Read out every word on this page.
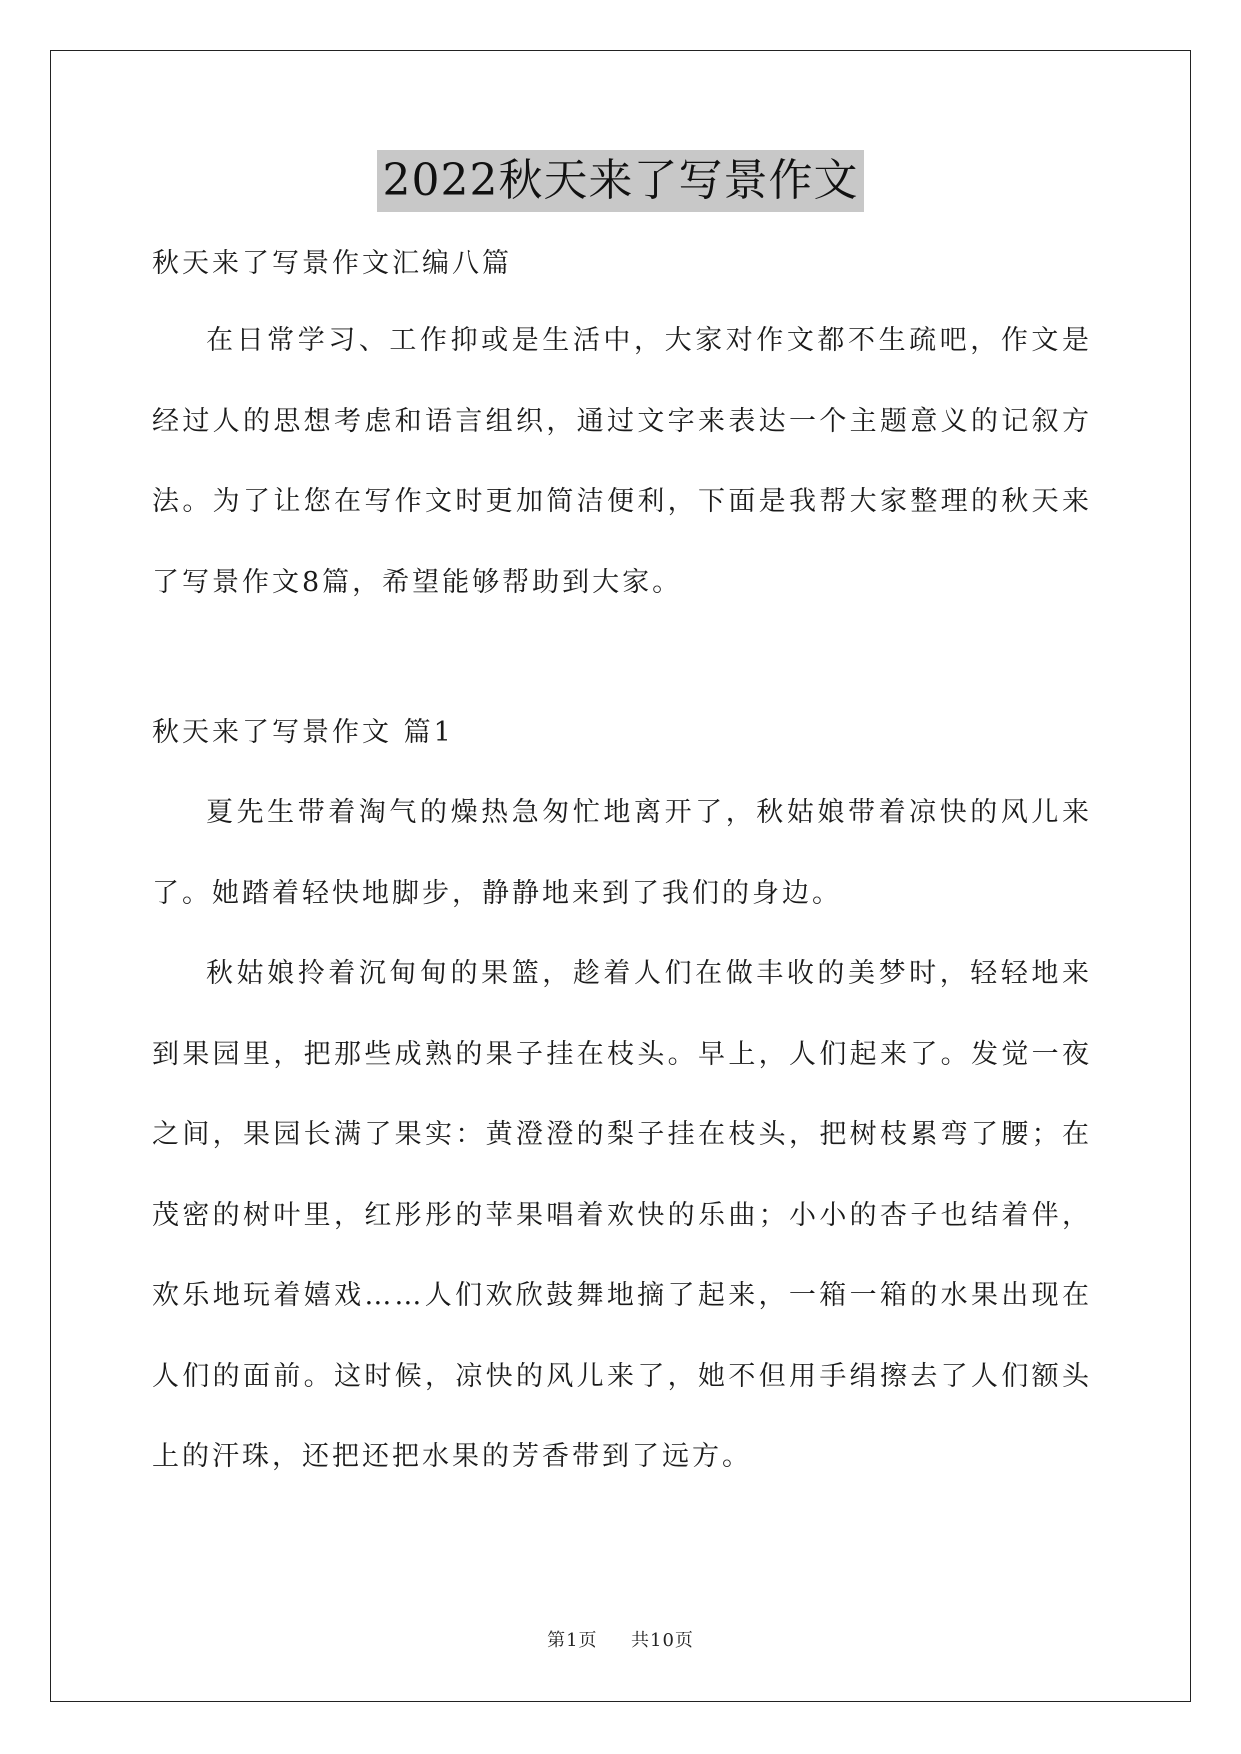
2022秋天来了写景作文

秋天来了写景作文汇编八篇

在日常学习、工作抑或是生活中，大家对作文都不生疏吧，作文是经过人的思想考虑和语言组织，通过文字来表达一个主题意义的记叙方法。为了让您在写作文时更加简洁便利，下面是我帮大家整理的秋天来了写景作文8篇，希望能够帮助到大家。

秋天来了写景作文 篇1

夏先生带着淘气的燥热急匆忙地离开了，秋姑娘带着凉快的风儿来了。她踏着轻快地脚步，静静地来到了我们的身边。

秋姑娘拎着沉甸甸的果篮，趁着人们在做丰收的美梦时，轻轻地来到果园里，把那些成熟的果子挂在枝头。早上，人们起来了。发觉一夜之间，果园长满了果实：黄澄澄的梨子挂在枝头，把树枝累弯了腰；在茂密的树叶里，红彤彤的苹果唱着欢快的乐曲；小小的杏子也结着伴，欢乐地玩着嬉戏……人们欢欣鼓舞地摘了起来，一箱一箱的水果出现在人们的面前。这时候，凉快的风儿来了，她不但用手绢擦去了人们额头上的汗珠，还把还把水果的芳香带到了远方。

第1页 共10页
